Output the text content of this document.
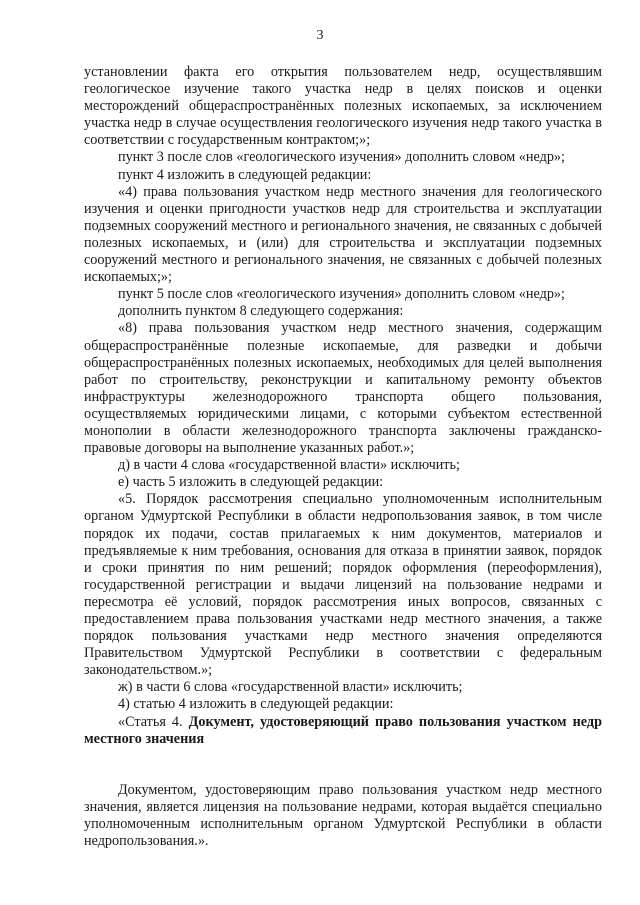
3

установлении факта его открытия пользователем недр, осуществлявшим геологическое изучение такого участка недр в целях поисков и оценки месторождений общераспространённых полезных ископаемых, за исключением участка недр в случае осуществления геологического изучения недр такого участка в соответствии с государственным контрактом;»;

пункт 3 после слов «геологического изучения» дополнить словом «недр»;

пункт 4 изложить в следующей редакции:

«4) права пользования участком недр местного значения для геологического изучения и оценки пригодности участков недр для строительства и эксплуатации подземных сооружений местного и регионального значения, не связанных с добычей полезных ископаемых, и (или) для строительства и эксплуатации подземных сооружений местного и регионального значения, не связанных с добычей полезных ископаемых;»;

пункт 5 после слов «геологического изучения» дополнить словом «недр»;

дополнить пунктом 8 следующего содержания:

«8) права пользования участком недр местного значения, содержащим общераспространённые полезные ископаемые, для разведки и добычи общераспространённых полезных ископаемых, необходимых для целей выполнения работ по строительству, реконструкции и капитальному ремонту объектов инфраструктуры железнодорожного транспорта общего пользования, осуществляемых юридическими лицами, с которыми субъектом естественной монополии в области железнодорожного транспорта заключены гражданско-правовые договоры на выполнение указанных работ.»;

д) в части 4 слова «государственной власти» исключить;

е) часть 5 изложить в следующей редакции:

«5. Порядок рассмотрения специально уполномоченным исполнительным органом Удмуртской Республики в области недропользования заявок, в том числе порядок их подачи, состав прилагаемых к ним документов, материалов и предъявляемые к ним требования, основания для отказа в принятии заявок, порядок и сроки принятия по ним решений; порядок оформления (переоформления), государственной регистрации и выдачи лицензий на пользование недрами и пересмотра её условий, порядок рассмотрения иных вопросов, связанных с предоставлением права пользования участками недр местного значения, а также порядок пользования участками недр местного значения определяются Правительством Удмуртской Республики в соответствии с федеральным законодательством.»;

ж) в части 6 слова «государственной власти» исключить;

4) статью 4 изложить в следующей редакции:

«Статья 4. Документ, удостоверяющий право пользования участком недр местного значения

Документом, удостоверяющим право пользования участком недр местного значения, является лицензия на пользование недрами, которая выдаётся специально уполномоченным исполнительным органом Удмуртской Республики в области недропользования.».
